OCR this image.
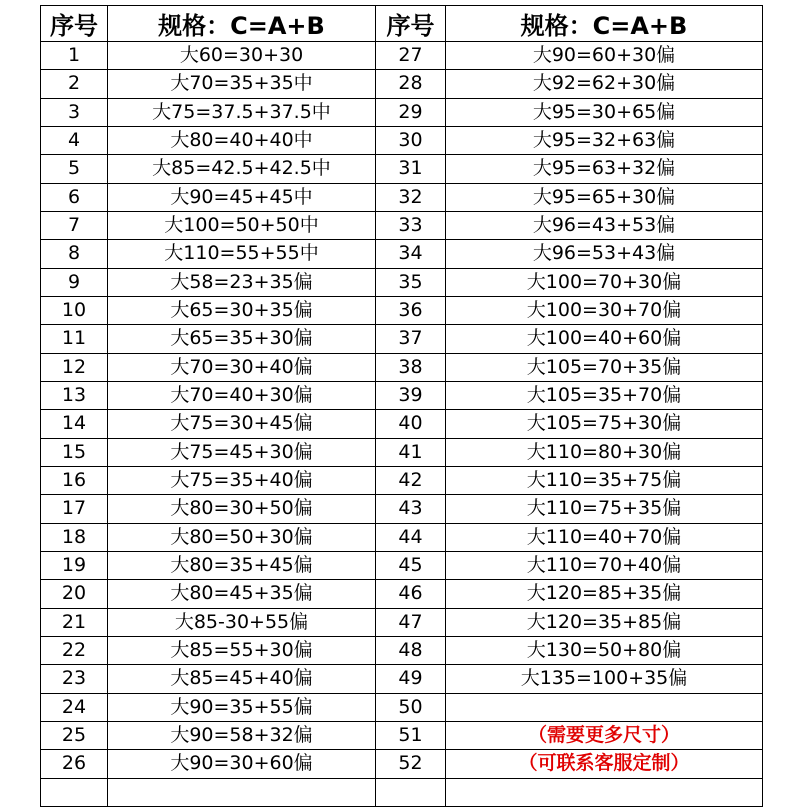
序号	规格：C=A+B	序号	规格：C=A+B
1	大60=30+30	27	大90=60+30偏
2	大70=35+35中	28	大92=62+30偏
3	大75=37.5+37.5中	29	大95=30+65偏
4	大80=40+40中	30	大95=32+63偏
5	大85=42.5+42.5中	31	大95=63+32偏
6	大90=45+45中	32	大95=65+30偏
7	大100=50+50中	33	大96=43+53偏
8	大110=55+55中	34	大96=53+43偏
9	大58=23+35偏	35	大100=70+30偏
10	大65=30+35偏	36	大100=30+70偏
11	大65=35+30偏	37	大100=40+60偏
12	大70=30+40偏	38	大105=70+35偏
13	大70=40+30偏	39	大105=35+70偏
14	大75=30+45偏	40	大105=75+30偏
15	大75=45+30偏	41	大110=80+30偏
16	大75=35+40偏	42	大110=35+75偏
17	大80=30+50偏	43	大110=75+35偏
18	大80=50+30偏	44	大110=40+70偏
19	大80=35+45偏	45	大110=70+40偏
20	大80=45+35偏	46	大120=85+35偏
21	大85-30+55偏	47	大120=35+85偏
22	大85=55+30偏	48	大130=50+80偏
23	大85=45+40偏	49	大135=100+35偏
24	大90=35+55偏	50	
25	大90=58+32偏	51	（需要更多尺寸）
26	大90=30+60偏	52	（可联系客服定制）
